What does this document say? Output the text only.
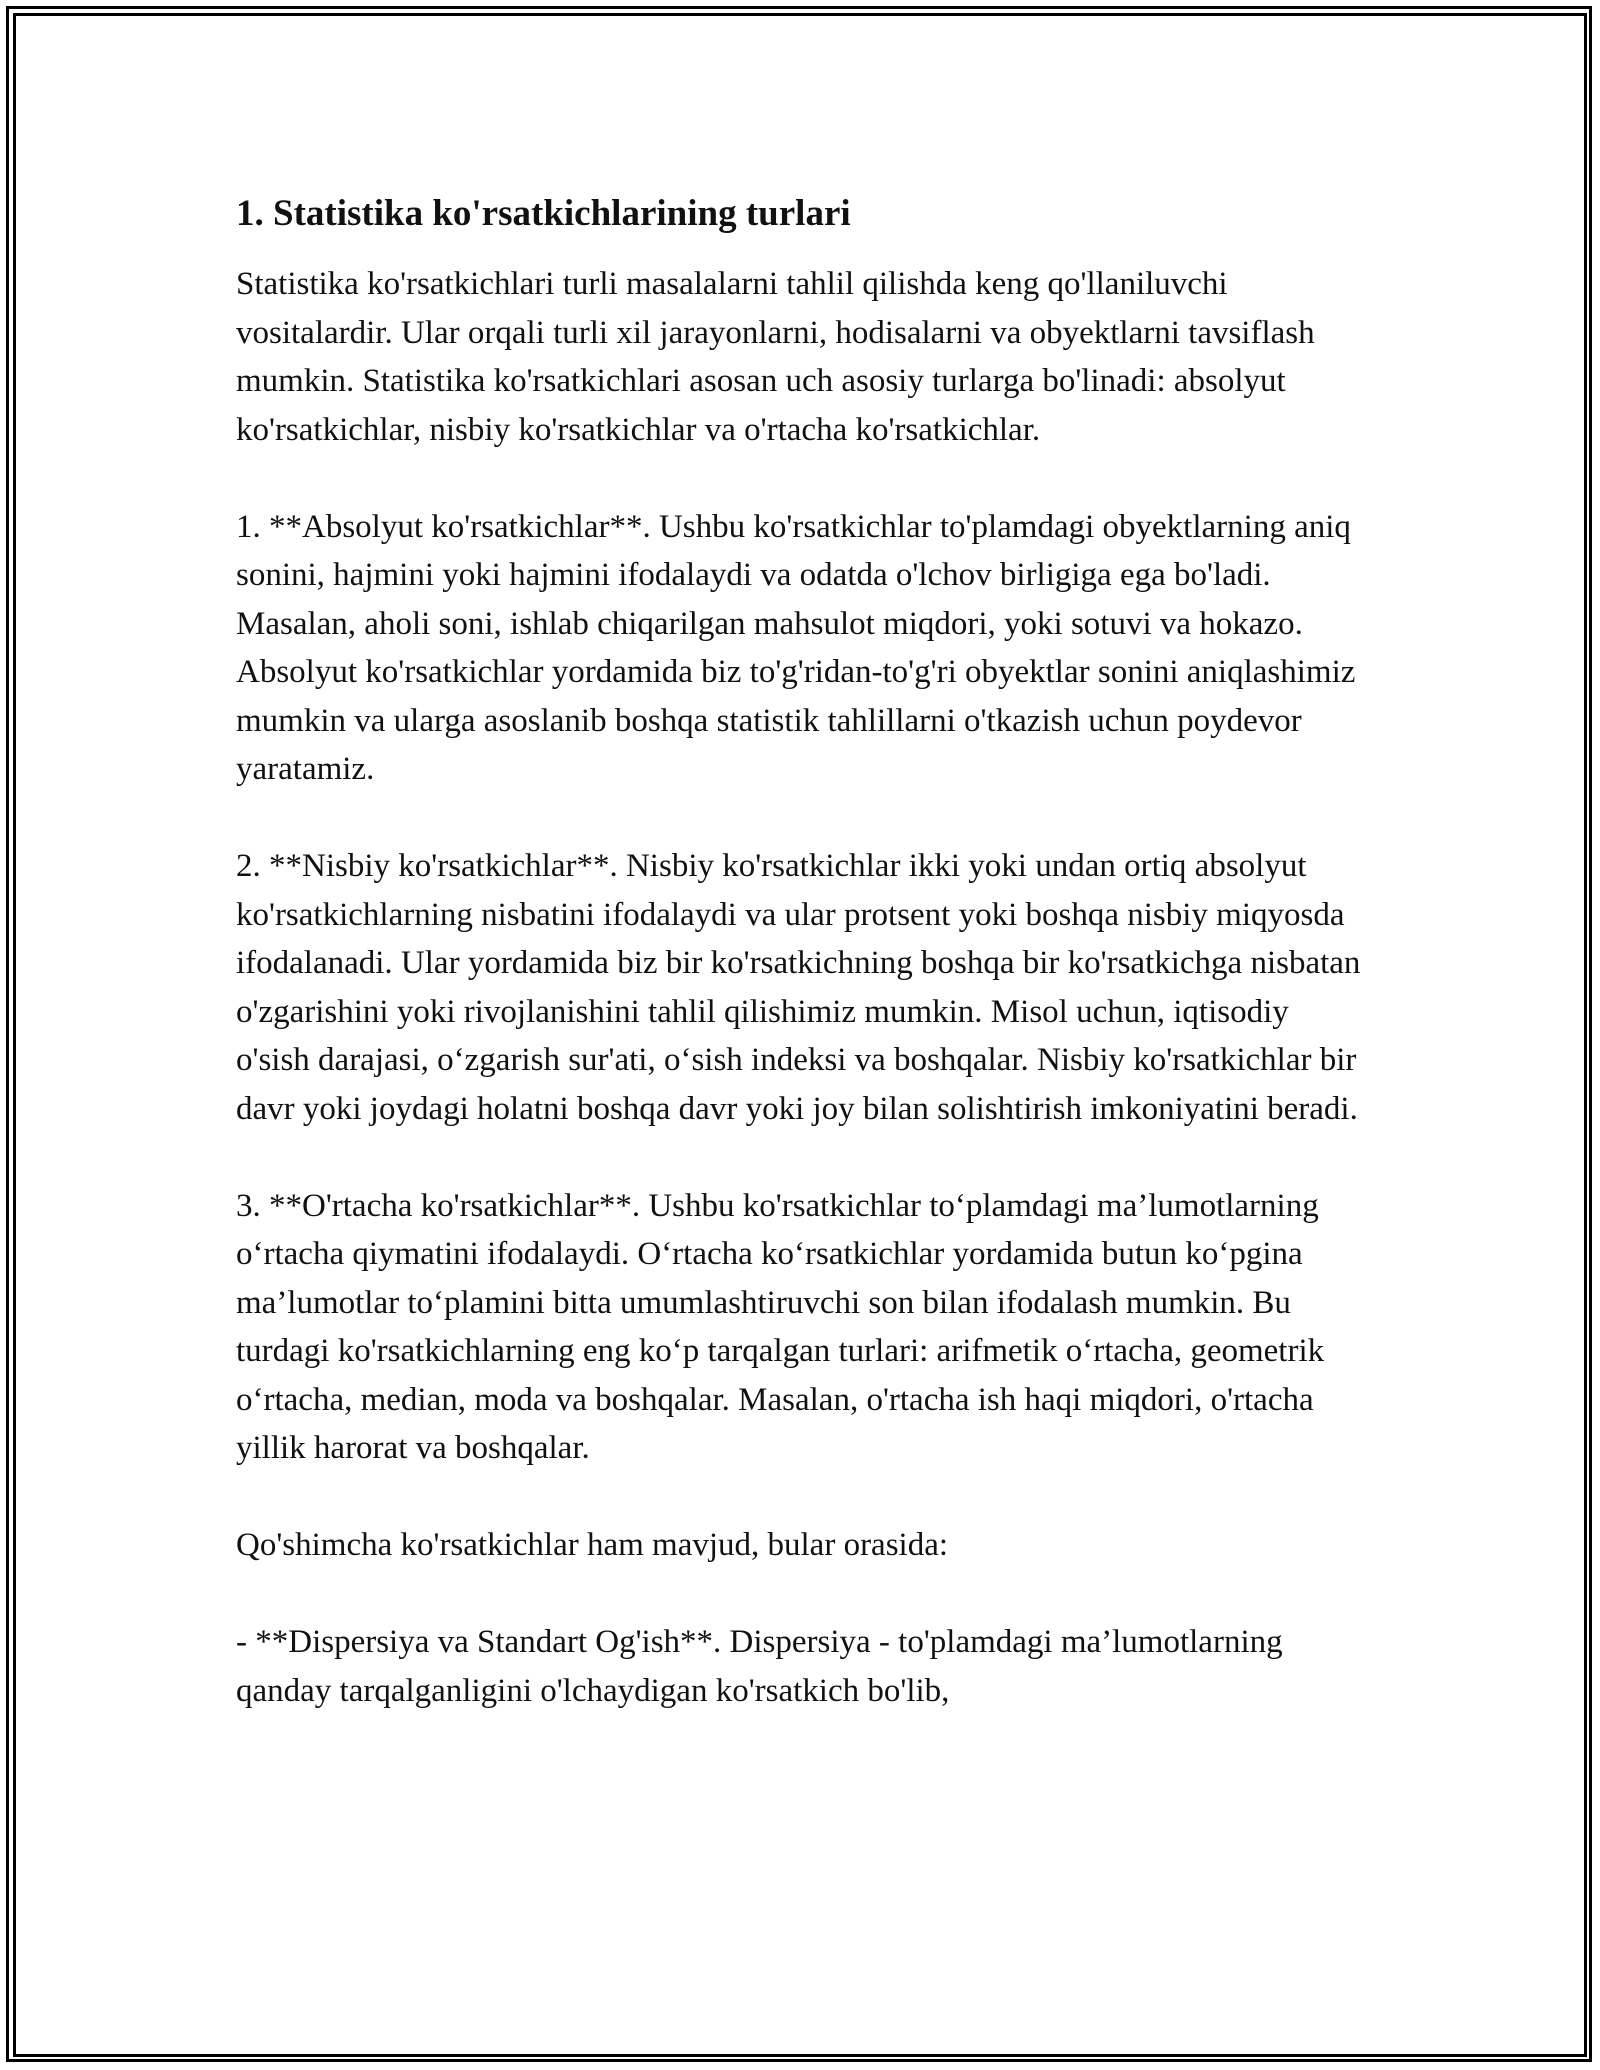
1. Statistika ko'rsatkichlarining turlari

Statistika ko'rsatkichlari turli masalalarni tahlil qilishda keng qo'llaniluvchi vositalardir. Ular orqali turli xil jarayonlarni, hodisalarni va obyektlarni tavsiflash mumkin. Statistika ko'rsatkichlari asosan uch asosiy turlarga bo'linadi: absolyut ko'rsatkichlar, nisbiy ko'rsatkichlar va o'rtacha ko'rsatkichlar.

1. **Absolyut ko'rsatkichlar**. Ushbu ko'rsatkichlar to'plamdagi obyektlarning aniq sonini, hajmini yoki hajmini ifodalaydi va odatda o'lchov birligiga ega bo'ladi. Masalan, aholi soni, ishlab chiqarilgan mahsulot miqdori, yoki sotuvi va hokazo. Absolyut ko'rsatkichlar yordamida biz to'g'ridan-to'g'ri obyektlar sonini aniqlashimiz mumkin va ularga asoslanib boshqa statistik tahlillarni o'tkazish uchun poydevor yaratamiz.

2. **Nisbiy ko'rsatkichlar**. Nisbiy ko'rsatkichlar ikki yoki undan ortiq absolyut ko'rsatkichlarning nisbatini ifodalaydi va ular protsent yoki boshqa nisbiy miqyosda ifodalanadi. Ular yordamida biz bir ko'rsatkichning boshqa bir ko'rsatkichga nisbatan o'zgarishini yoki rivojlanishini tahlil qilishimiz mumkin. Misol uchun, iqtisodiy o'sish darajasi, o‘zgarish sur'ati, o‘sish indeksi va boshqalar. Nisbiy ko'rsatkichlar bir davr yoki joydagi holatni boshqa davr yoki joy bilan solishtirish imkoniyatini beradi.

3. **O'rtacha ko'rsatkichlar**. Ushbu ko'rsatkichlar to‘plamdagi ma’lumotlarning o‘rtacha qiymatini ifodalaydi. O‘rtacha ko‘rsatkichlar yordamida butun ko‘pgina ma’lumotlar to‘plamini bitta umumlashtiruvchi son bilan ifodalash mumkin. Bu turdagi ko'rsatkichlarning eng ko‘p tarqalgan turlari: arifmetik o‘rtacha, geometrik o‘rtacha, median, moda va boshqalar. Masalan, o'rtacha ish haqi miqdori, o'rtacha yillik harorat va boshqalar.

Qo'shimcha ko'rsatkichlar ham mavjud, bular orasida:

- **Dispersiya va Standart Og'ish**. Dispersiya - to'plamdagi ma’lumotlarning qanday tarqalganligini o'lchaydigan ko'rsatkich bo'lib,
